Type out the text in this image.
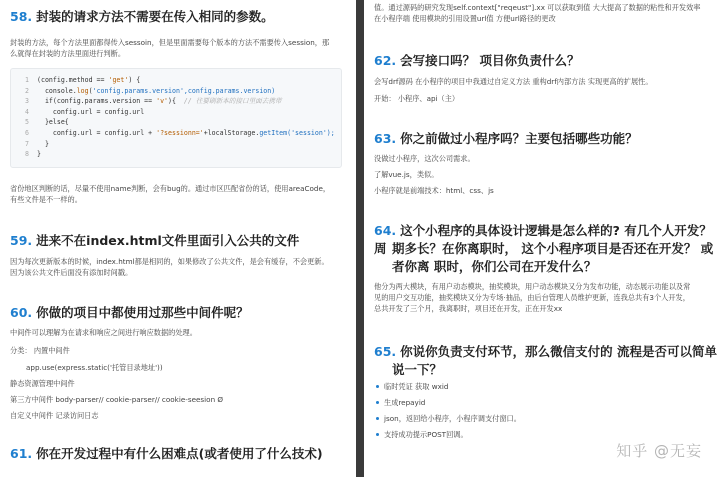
58. 封装的请求方法不需要在传入相同的参数。

封装的方法，每个方法里面都得传入sessoin，但是里面需要每个版本的方法不需要传入session，那

么就得在封装的方法里面进行判断。

1 (config.method == 'get') {
2  console.log('config.params.version',config.params.version)
3  if(config.params.version == 'v'){  // 往要刷新本的接口里面去携带
4    config.url = config.url
5  }else{
6    config.url = config.url + '?sessionn='+localStorage.getItem('session');
7  }
8 }

省份地区判断的话，尽量不使用name判断，会有bug的。通过市区匹配省份的话，使用areaCode，

有些文件是不一样的。

59. 进来不在index.html文件里面引入公共的文件

因为每次更新版本的时候，index.html都是相同的，如果修改了公共文件，是会有缓存，不会更新。

因为该公共文件后面没有添加时间戳。

60. 你做的项目中都使用过那些中间件呢？

中间件可以理解为在请求和响应之间进行响应数据的处理。

分类： 内置中间件

app.use(express.static('托管目录地址'))

静态资源管理中间件

第三方中间件 body-parser// cookie-parser// cookie-seesion Ø

自定义中间件 记录访问日志

61. 你在开发过程中有什么困难点(或者使用了什么技术)

值。通过源码的研究发现self.context["reqeust"].xx 可以获取到值 大大提高了数据的粘性和开发效率

在小程序端 使用模块的引用设置url值 方便url路径的更改

62. 会写接口吗？ 项目你负责什么？

会写drf源码 在小程序的项目中我通过自定义方法 重构drf内部方法 实现更高的扩展性。

开始： 小程序、api（主）

63. 你之前做过小程序吗？主要包括哪些功能？

没做过小程序，这次公司需求。

了解vue.js，类似。

小程序就是前端技术：html、css、js

64. 这个小程序的具体设计逻辑是怎么样的? 有几个人开发？ 周 期多长？在你离职时， 这个小程序项目是否还在开发？ 或
者你离 职时，你们公司在开发什么？

他分为两大模块，有用户动态模块，抽奖模块，用户动态模块又分为发布功能，动态展示功能以及常

见的用户交互功能，抽奖模块又分为专场·抽品，由后台管理人员维护更新，连我总共有3个人开发，

总共开发了三个月，我离职时，项目还在开发，正在开发xx

65. 你说你负责支付环节，那么微信支付的 流程是否可以简单
说一下？

临时凭证 获取 wxid

生成repayid

json，返回给小程序，小程序调支付窗口。

支持成功提示POST回调。

知乎 @无妄
